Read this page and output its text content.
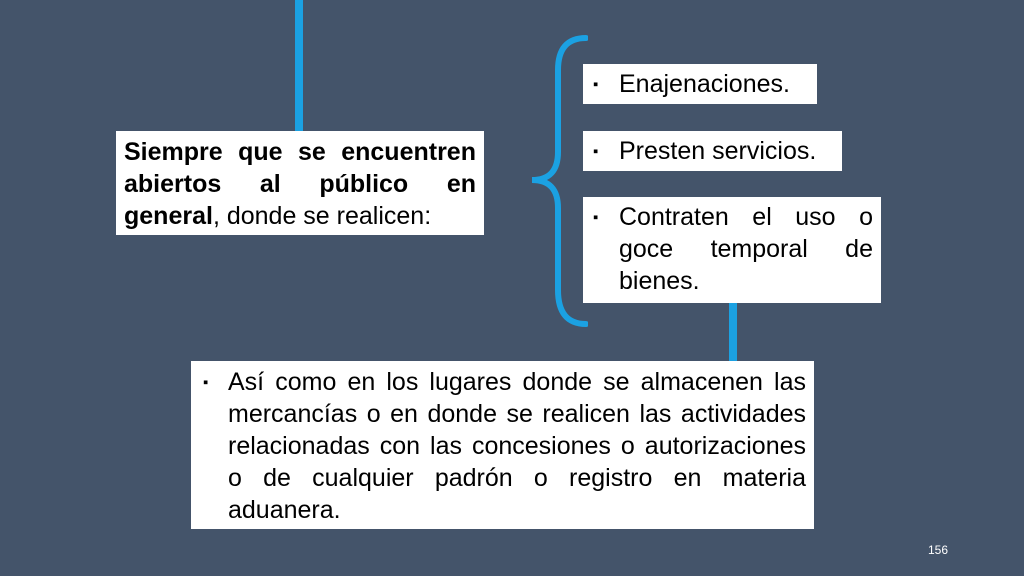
Siempre que se encuentren abiertos al público en general, donde se realicen:
▪ Enajenaciones.
▪ Presten servicios.
▪ Contraten el uso o goce temporal de bienes.
▪ Así como en los lugares donde se almacenen las mercancías o en donde se realicen las actividades relacionadas con las concesiones o autorizaciones o de cualquier padrón o registro en materia aduanera.
156
